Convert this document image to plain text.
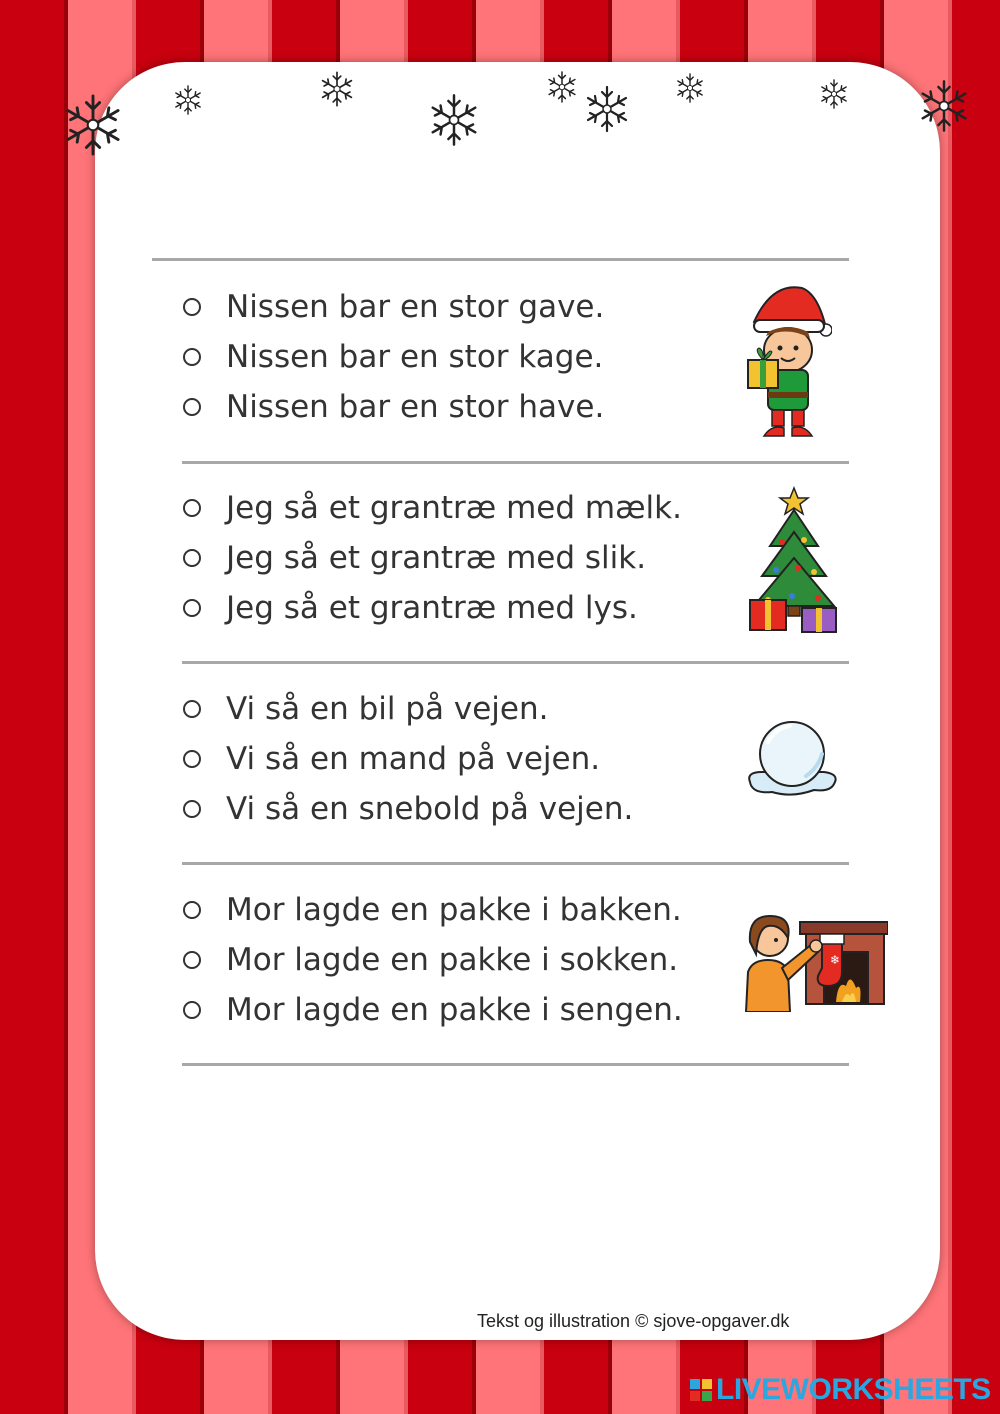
Nissen bar en stor gave.
Nissen bar en stor kage.
Nissen bar en stor have.
Jeg så et grantræ med mælk.
Jeg så et grantræ med slik.
Jeg så et grantræ med lys.
Vi så en bil på vejen.
Vi så en mand på vejen.
Vi så en snebold på vejen.
Mor lagde en pakke i bakken.
Mor lagde en pakke i sokken.
Mor lagde en pakke i sengen.
❄
Tekst og illustration © sjove-opgaver.dk
LIVEWORKSHEETS
